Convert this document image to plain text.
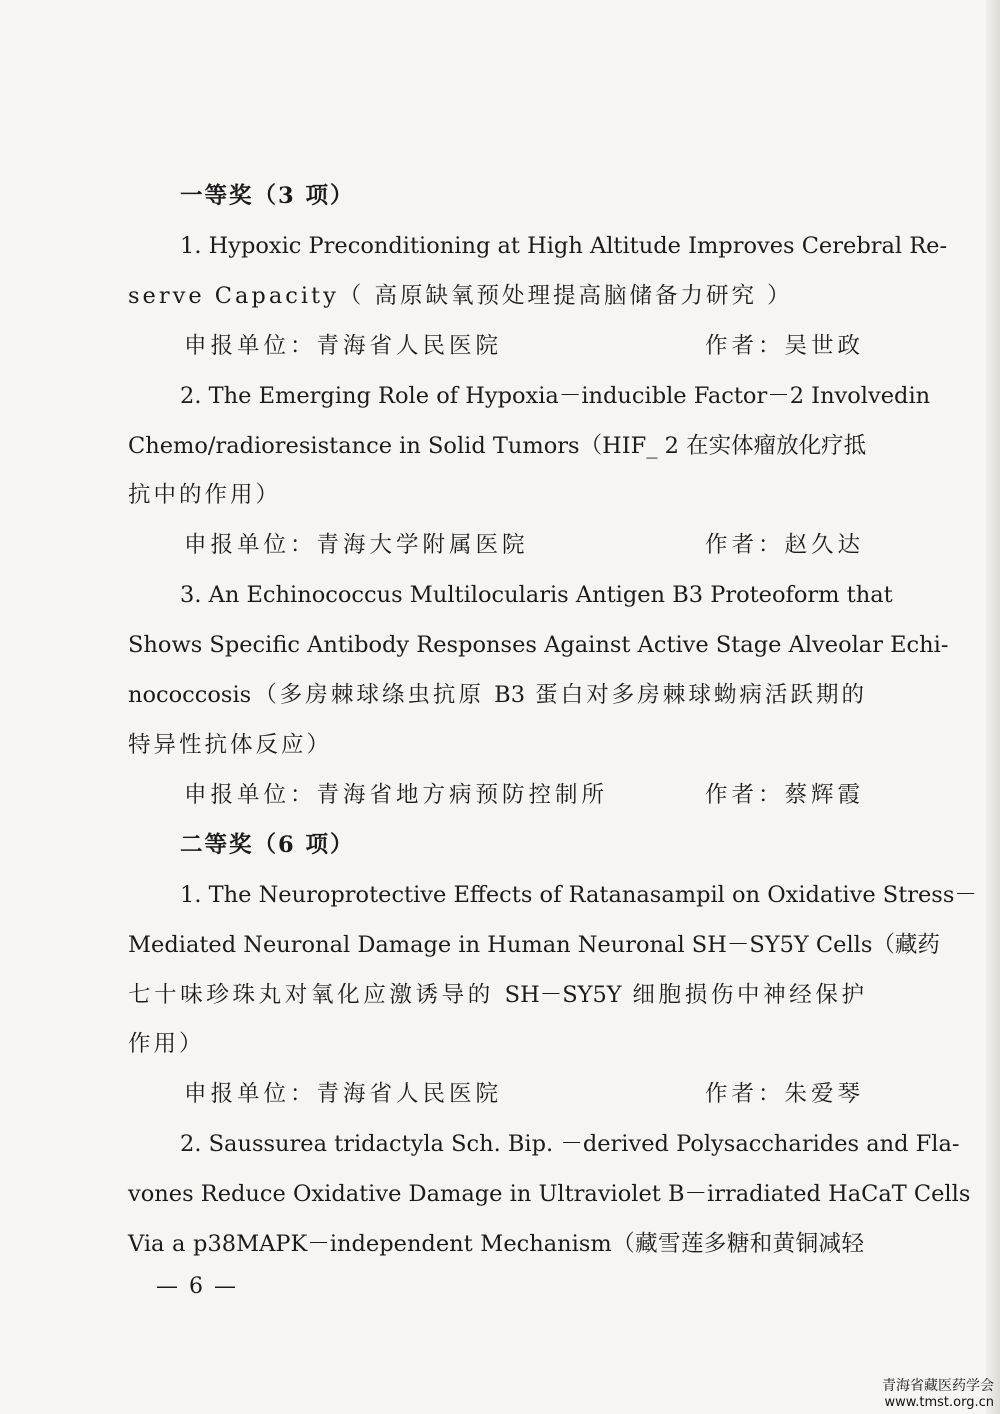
一等奖（3 项）
1. Hypoxic Preconditioning at High Altitude Improves Cerebral Re-
serve Capacity（ 高原缺氧预处理提高脑储备力研究 ）
申报单位：青海省人民医院	作者：吴世政
2. The Emerging Role of Hypoxia－inducible Factor－2 Involvedin
Chemo/radioresistance in Solid Tumors（HIF_ 2 在实体瘤放化疗抵
抗中的作用）
申报单位：青海大学附属医院	作者：赵久达
3. An Echinococcus Multilocularis Antigen B3 Proteoform that
Shows Specific Antibody Responses Against Active Stage Alveolar Echi-
nococcosis（多房棘球绦虫抗原 B3 蛋白对多房棘球蚴病活跃期的
特异性抗体反应）
申报单位：青海省地方病预防控制所	作者：蔡辉霞
二等奖（6 项）
1. The Neuroprotective Effects of Ratanasampil on Oxidative Stress－
Mediated Neuronal Damage in Human Neuronal SH－SY5Y Cells（藏药
七十味珍珠丸对氧化应激诱导的 SH－SY5Y 细胞损伤中神经保护
作用）
申报单位：青海省人民医院	作者：朱爱琴
2. Saussurea tridactyla Sch. Bip. －derived Polysaccharides and Fla-
vones Reduce Oxidative Damage in Ultraviolet B－irradiated HaCaT Cells
Via a p38MAPK－independent Mechanism（藏雪莲多糖和黄铜减轻
— 6 —
青海省藏医药学会
www.tmst.org.cn
